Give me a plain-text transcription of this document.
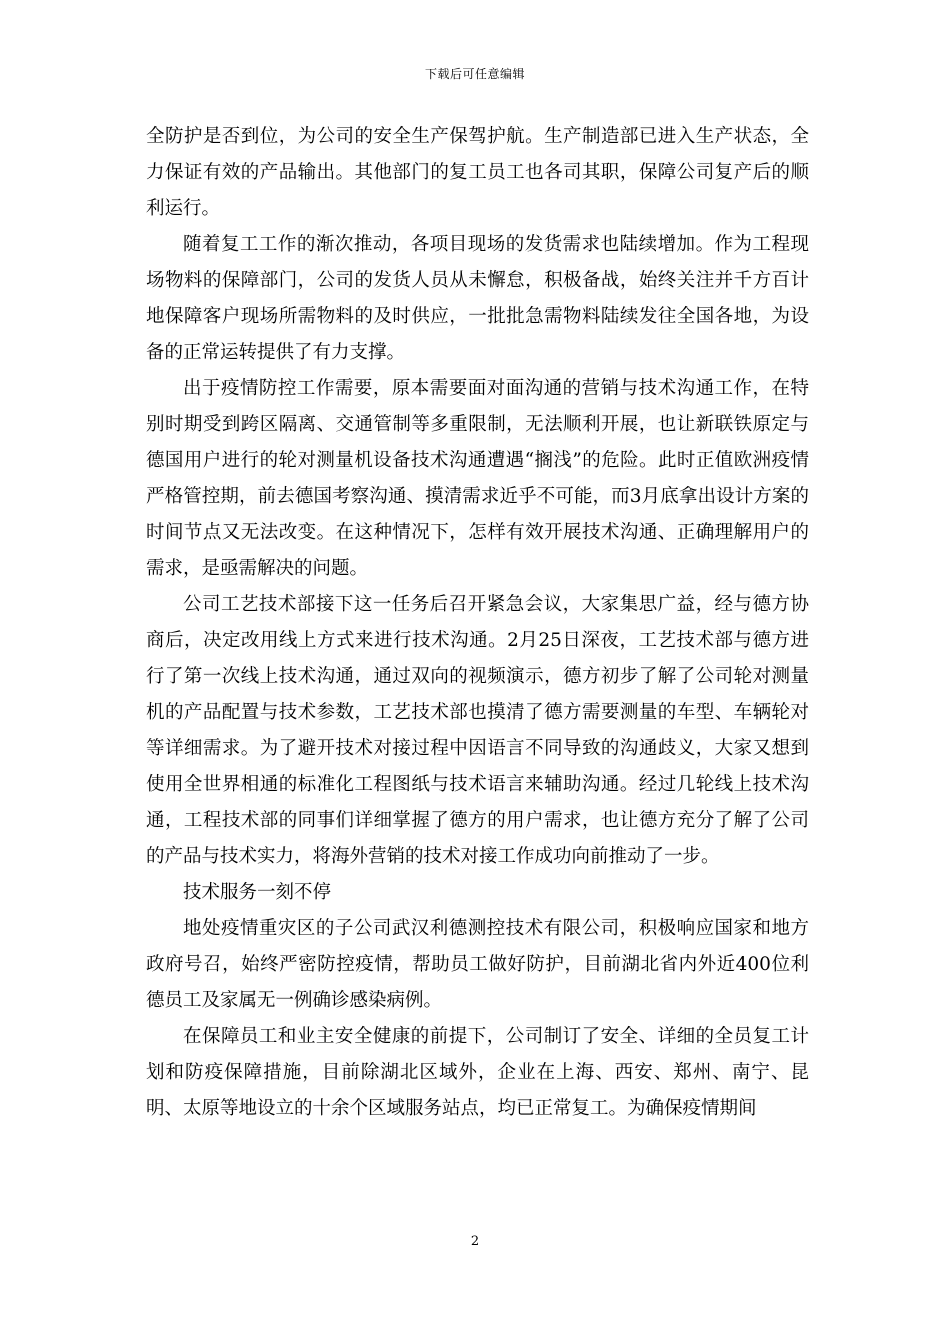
下载后可任意编辑

全防护是否到位，为公司的安全生产保驾护航。生产制造部已进入生产状态，全力保证有效的产品输出。其他部门的复工员工也各司其职，保障公司复产后的顺利运行。

随着复工工作的渐次推动，各项目现场的发货需求也陆续增加。作为工程现场物料的保障部门，公司的发货人员从未懈怠，积极备战，始终关注并千方百计地保障客户现场所需物料的及时供应，一批批急需物料陆续发往全国各地，为设备的正常运转提供了有力支撑。

出于疫情防控工作需要，原本需要面对面沟通的营销与技术沟通工作，在特别时期受到跨区隔离、交通管制等多重限制，无法顺利开展，也让新联铁原定与德国用户进行的轮对测量机设备技术沟通遭遇“搁浅”的危险。此时正值欧洲疫情严格管控期，前去德国考察沟通、摸清需求近乎不可能，而3月底拿出设计方案的时间节点又无法改变。在这种情况下，怎样有效开展技术沟通、正确理解用户的需求，是亟需解决的问题。

公司工艺技术部接下这一任务后召开紧急会议，大家集思广益，经与德方协商后，决定改用线上方式来进行技术沟通。2月25日深夜，工艺技术部与德方进行了第一次线上技术沟通，通过双向的视频演示，德方初步了解了公司轮对测量机的产品配置与技术参数，工艺技术部也摸清了德方需要测量的车型、车辆轮对等详细需求。为了避开技术对接过程中因语言不同导致的沟通歧义，大家又想到使用全世界相通的标准化工程图纸与技术语言来辅助沟通。经过几轮线上技术沟通，工程技术部的同事们详细掌握了德方的用户需求，也让德方充分了解了公司的产品与技术实力，将海外营销的技术对接工作成功向前推动了一步。

技术服务一刻不停

地处疫情重灾区的子公司武汉利德测控技术有限公司，积极响应国家和地方政府号召，始终严密防控疫情，帮助员工做好防护，目前湖北省内外近400位利德员工及家属无一例确诊感染病例。

在保障员工和业主安全健康的前提下，公司制订了安全、详细的全员复工计划和防疫保障措施，目前除湖北区域外，企业在上海、西安、郑州、南宁、昆明、太原等地设立的十余个区域服务站点，均已正常复工。为确保疫情期间

2
